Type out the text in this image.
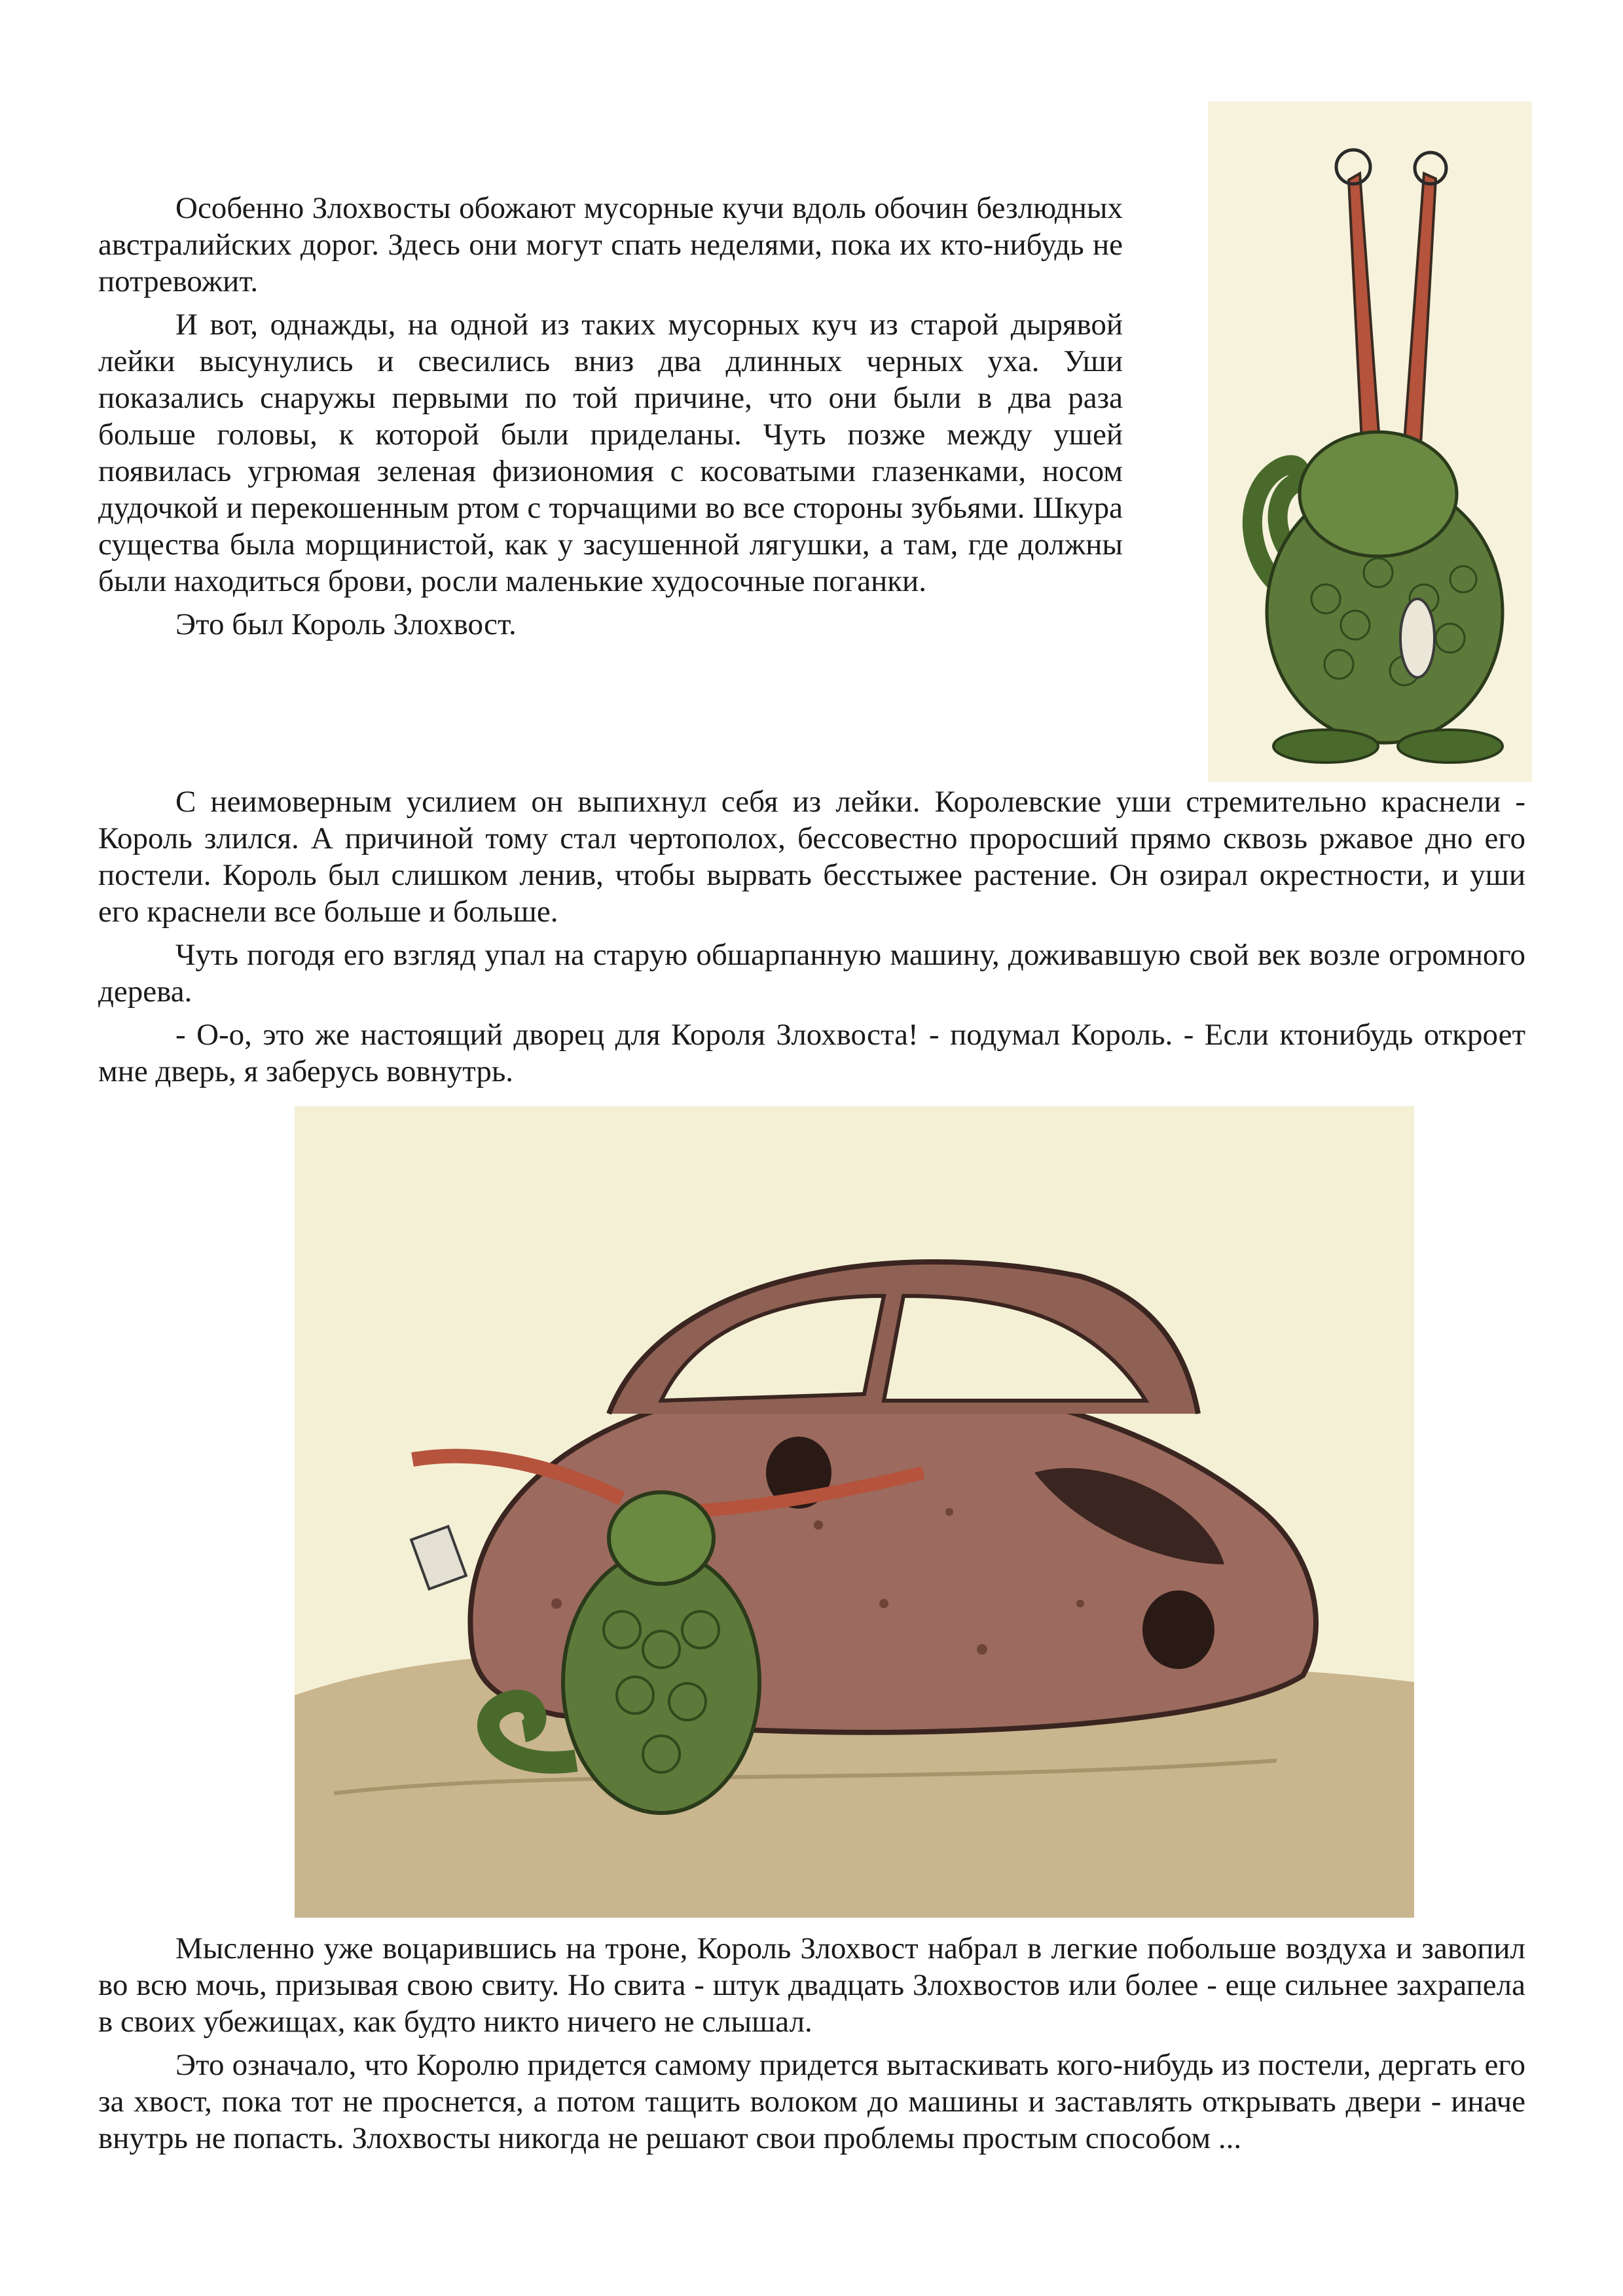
Особенно Злохвосты обожают мусорные кучи вдоль обочин безлюдных австралийских дорог. Здесь они могут спать неделями, пока их кто-нибудь не потревожит.

И вот, однажды, на одной из таких мусорных куч из старой дырявой лейки высунулись и свесились вниз два длинных черных уха. Уши показались снаружы первыми по той причине, что они были в два раза больше головы, к которой были приделаны. Чуть позже между ушей появилась угрюмая зеленая физиономия с косоватыми глазенками, носом дудочкой и перекошенным ртом с торчащими во все стороны зубьями. Шкура существа была морщинистой, как у засушенной лягушки, а там, где должны были находиться брови, росли маленькие худосочные поганки.

Это был Король Злохвост.

С неимоверным усилием он выпихнул себя из лейки. Королевские уши стремительно краснели - Король злился. А причиной тому стал чертополох, бессовестно проросший прямо сквозь ржавое дно его постели. Король был слишком ленив, чтобы вырвать бесстыжее растение. Он озирал окрестности, и уши его краснели все больше и больше.

Чуть погодя его взгляд упал на старую обшарпанную машину, доживавшую свой век возле огромного дерева.

- О-о, это же настоящий дворец для Короля Злохвоста! - подумал Король. - Если ктонибудь откроет мне дверь, я заберусь вовнутрь.

Мысленно уже воцарившись на троне, Король Злохвост набрал в легкие побольше воздуха и завопил во всю мочь, призывая свою свиту. Но свита - штук двадцать Злохвостов или более - еще сильнее захрапела в своих убежищах, как будто никто ничего не слышал.

Это означало, что Королю придется самому придется вытаскивать кого-нибудь из постели, дергать его за хвост, пока тот не проснется, а потом тащить волоком до машины и заставлять открывать двери - иначе внутрь не попасть. Злохвосты никогда не решают свои проблемы простым способом ...
